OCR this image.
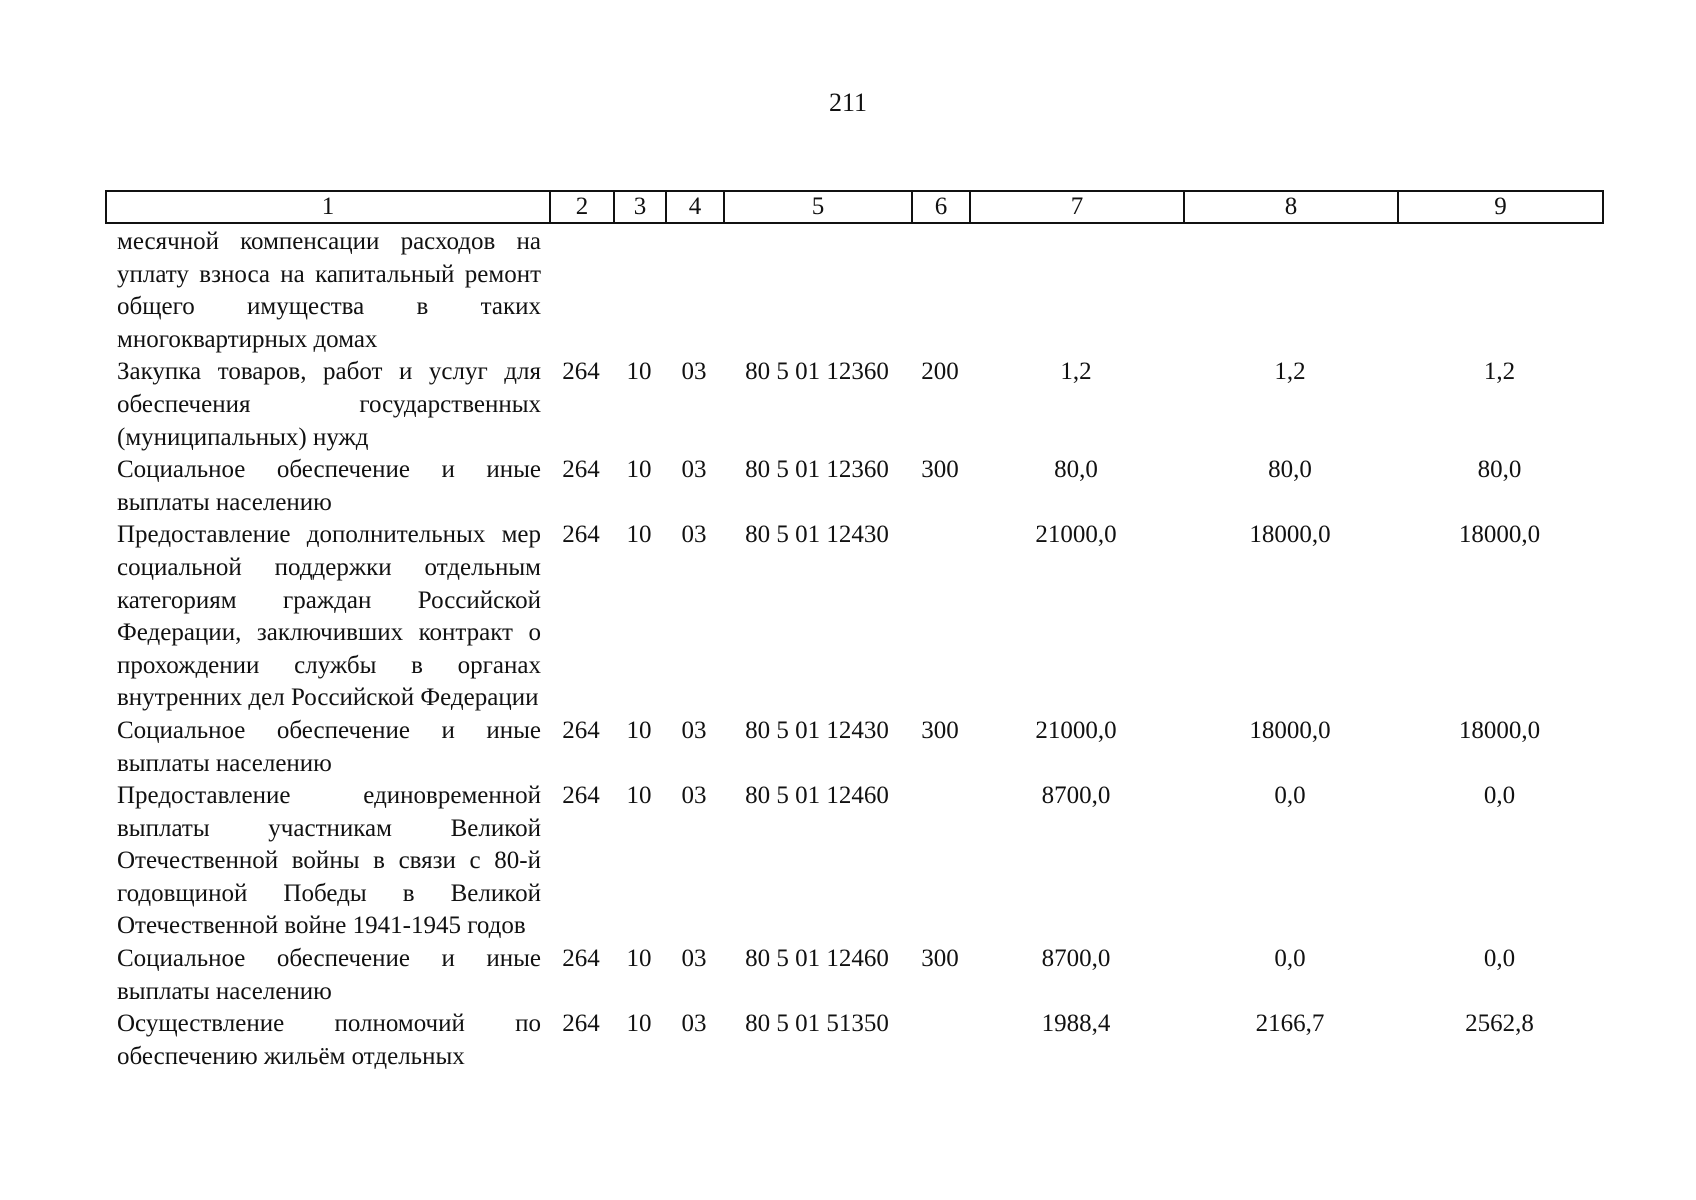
211
1	2	3	4	5	6	7	8	9
месячной компенсации расходов на уплату взноса на капитальный ремонт общего имущества в таких многоквартирных домах								
Закупка товаров, работ и услуг для обеспечения государственных (муниципальных) нужд	264	10	03	80 5 01 12360	200	1,2	1,2	1,2
Социальное обеспечение и иные выплаты населению	264	10	03	80 5 01 12360	300	80,0	80,0	80,0
Предоставление дополнительных мер социальной поддержки отдельным категориям граждан Российской Федерации, заключивших контракт о прохождении службы в органах внутренних дел Российской Федерации	264	10	03	80 5 01 12430		21000,0	18000,0	18000,0
Социальное обеспечение и иные выплаты населению	264	10	03	80 5 01 12430	300	21000,0	18000,0	18000,0
Предоставление единовременной выплаты участникам Великой Отечественной войны в связи с 80-й годовщиной Победы в Великой Отечественной войне 1941-1945 годов	264	10	03	80 5 01 12460		8700,0	0,0	0,0
Социальное обеспечение и иные выплаты населению	264	10	03	80 5 01 12460	300	8700,0	0,0	0,0
Осуществление полномочий по обеспечению жильём отдельных	264	10	03	80 5 01 51350		1988,4	2166,7	2562,8
